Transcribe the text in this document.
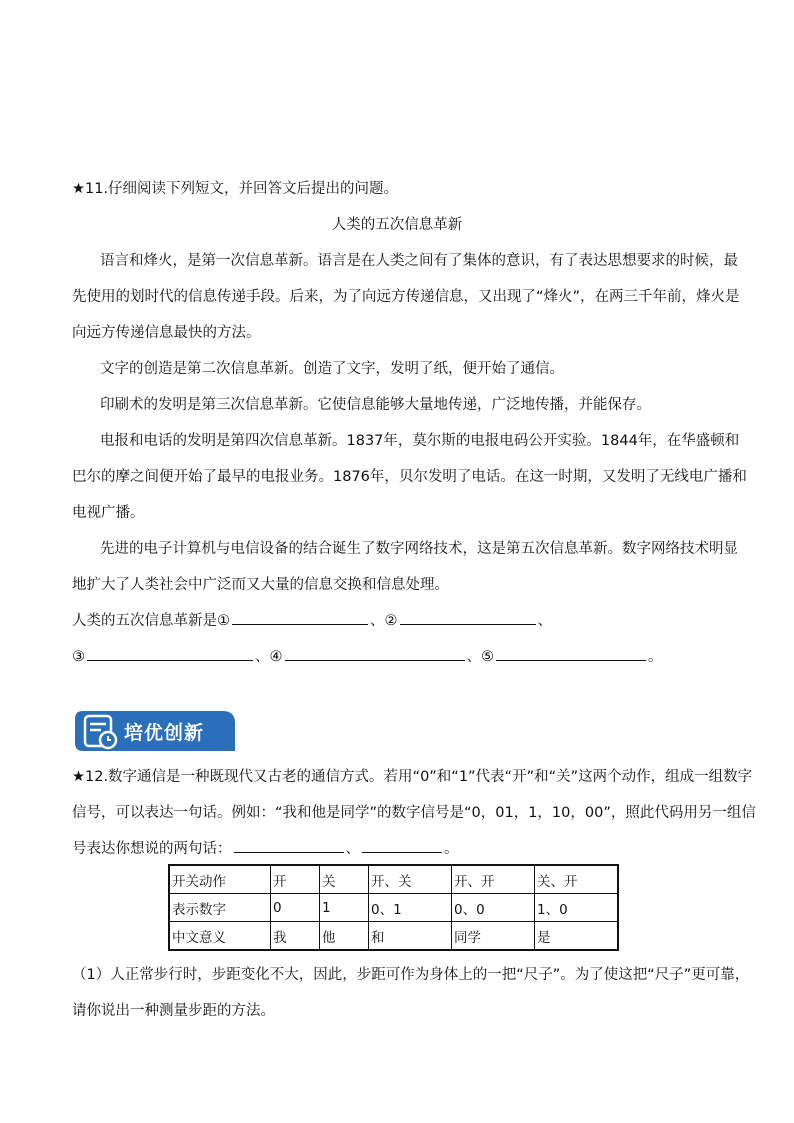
★11.仔细阅读下列短文，并回答文后提出的问题。
人类的五次信息革新
语言和烽火，是第一次信息革新。语言是在人类之间有了集体的意识，有了表达思想要求的时候，最
先使用的划时代的信息传递手段。后来，为了向远方传递信息，又出现了“烽火”，在两三千年前，烽火是
向远方传递信息最快的方法。
文字的创造是第二次信息革新。创造了文字，发明了纸，便开始了通信。
印刷术的发明是第三次信息革新。它使信息能够大量地传递，广泛地传播，并能保存。
电报和电话的发明是第四次信息革新。1837年，莫尔斯的电报电码公开实验。1844年，在华盛顿和
巴尔的摩之间便开始了最早的电报业务。1876年，贝尔发明了电话。在这一时期，又发明了无线电广播和
电视广播。
先进的电子计算机与电信设备的结合诞生了数字网络技术，这是第五次信息革新。数字网络技术明显
地扩大了人类社会中广泛而又大量的信息交换和信息处理。
人类的五次信息革新是①	、②	、
③	、④	、⑤	。
培优创新
★12.数字通信是一种既现代又古老的通信方式。若用“0”和“1”代表“开”和“关”这两个动作，组成一组数字
信号，可以表达一句话。例如：“我和他是同学”的数字信号是“0，01，1，10，00”，照此代码用另一组信
号表达你想说的两句话：	、	。
开关动作	开	关	开、关	开、开	关、开
表示数字	0	1	0、1	0、0	1、0
中文意义	我	他	和	同学	是
（1）人正常步行时，步距变化不大，因此，步距可作为身体上的一把“尺子”。为了使这把“尺子”更可靠，
请你说出一种测量步距的方法。
